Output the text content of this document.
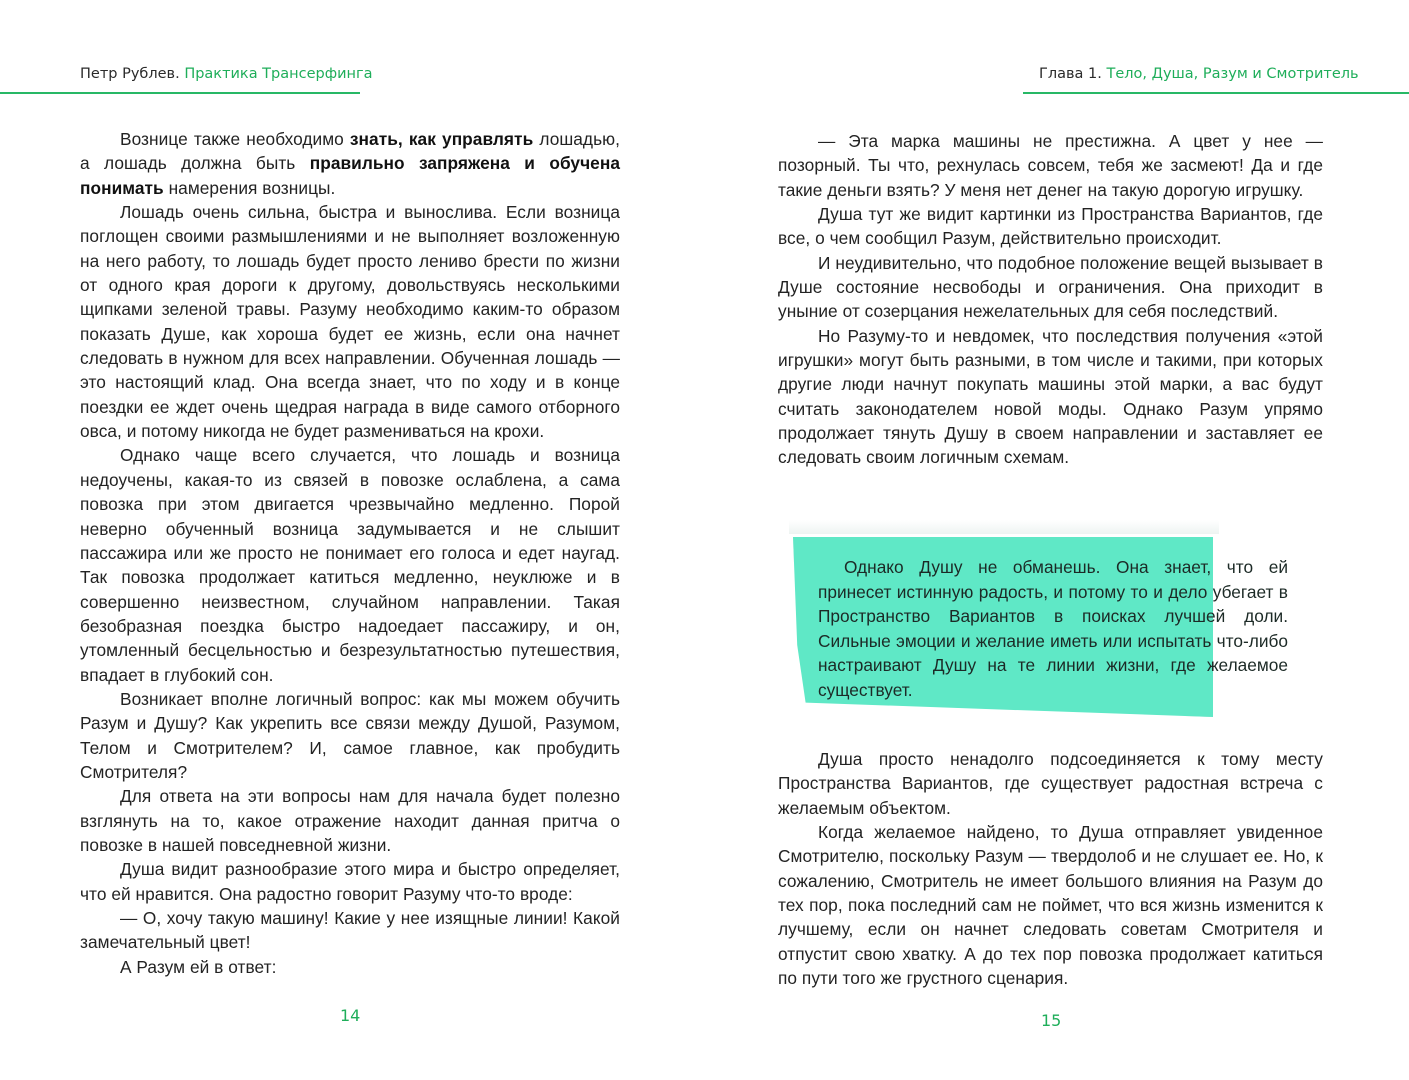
Петр Рублев. Практика Трансерфинга

Вознице также необходимо знать, как управлять лошадью, а лошадь должна быть правильно запряжена и обучена понимать намерения возницы.

Лошадь очень сильна, быстра и вынослива. Если возница поглощен своими размышлениями и не выполняет возложенную на него работу, то лошадь будет просто лениво брести по жизни от одного края дороги к другому, довольствуясь несколькими щипками зеленой травы. Разуму необходимо каким-то образом показать Душе, как хороша будет ее жизнь, если она начнет следовать в нужном для всех направлении. Обученная лошадь — это настоящий клад. Она всегда знает, что по ходу и в конце поездки ее ждет очень щедрая награда в виде самого отборного овса, и потому никогда не будет размениваться на крохи.

Однако чаще всего случается, что лошадь и возница недоучены, какая-то из связей в повозке ослаблена, а сама повозка при этом двигается чрезвычайно медленно. Порой неверно обученный возница задумывается и не слышит пассажира или же просто не понимает его голоса и едет наугад. Так повозка продолжает катиться медленно, неуклюже и в совершенно неизвестном, случайном направлении. Такая безобразная поездка быстро надоедает пассажиру, и он, утомленный бесцельностью и безрезультатностью путешествия, впадает в глубокий сон.

Возникает вполне логичный вопрос: как мы можем обучить Разум и Душу? Как укрепить все связи между Душой, Разумом, Телом и Смотрителем? И, самое главное, как пробудить Смотрителя?

Для ответа на эти вопросы нам для начала будет полезно взглянуть на то, какое отражение находит данная притча о повозке в нашей повседневной жизни.

Душа видит разнообразие этого мира и быстро определяет, что ей нравится. Она радостно говорит Разуму что-то вроде:

— О, хочу такую машину! Какие у нее изящные линии! Какой замечательный цвет!

А Разум ей в ответ:

14
Глава 1. Тело, Душа, Разум и Смотритель

— Эта марка машины не престижна. А цвет у нее — позорный. Ты что, рехнулась совсем, тебя же засмеют! Да и где такие деньги взять? У меня нет денег на такую дорогую игрушку.

Душа тут же видит картинки из Пространства Вариантов, где все, о чем сообщил Разум, действительно происходит.

И неудивительно, что подобное положение вещей вызывает в Душе состояние несвободы и ограничения. Она приходит в уныние от созерцания нежелательных для себя последствий.

Но Разуму-то и невдомек, что последствия получения «этой игрушки» могут быть разными, в том числе и такими, при которых другие люди начнут покупать машины этой марки, а вас будут считать законодателем новой моды. Однако Разум упрямо продолжает тянуть Душу в своем направлении и заставляет ее следовать своим логичным схемам.

Однако Душу не обманешь. Она знает, что ей принесет истинную радость, и потому то и дело убегает в Пространство Вариантов в поисках лучшей доли. Сильные эмоции и желание иметь или испытать что-либо настраивают Душу на те линии жизни, где желаемое существует.

Душа просто ненадолго подсоединяется к тому месту Пространства Вариантов, где существует радостная встреча с желаемым объектом.

Когда желаемое найдено, то Душа отправляет увиденное Смотрителю, поскольку Разум — твердолоб и не слушает ее. Но, к сожалению, Смотритель не имеет большого влияния на Разум до тех пор, пока последний сам не поймет, что вся жизнь изменится к лучшему, если он начнет следовать советам Смотрителя и отпустит свою хватку. А до тех пор повозка продолжает катиться по пути того же грустного сценария.

15
